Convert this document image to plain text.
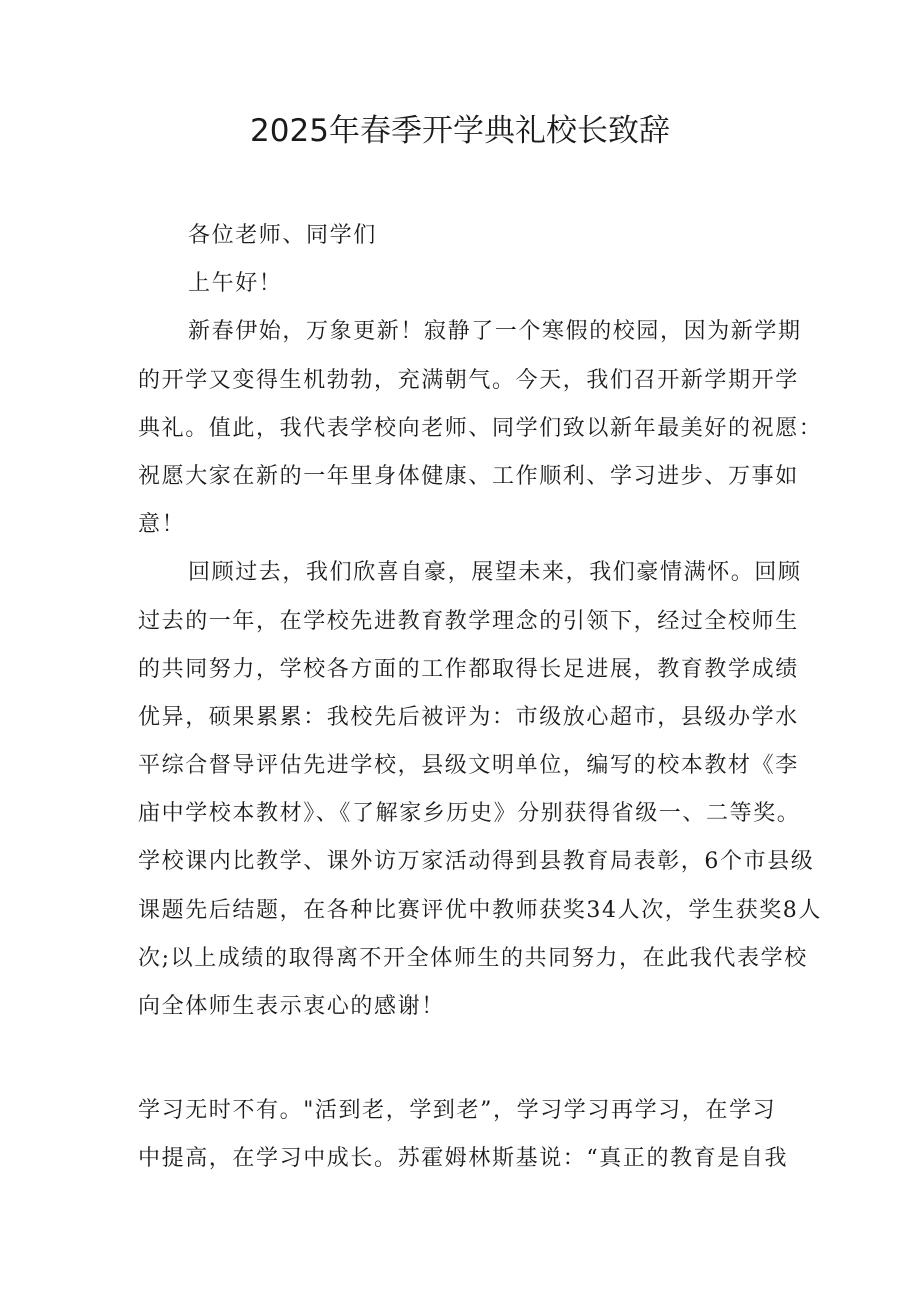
2025年春季开学典礼校长致辞
各位老师、同学们
上午好！
新春伊始，万象更新！寂静了一个寒假的校园，因为新学期
的开学又变得生机勃勃，充满朝气。今天，我们召开新学期开学
典礼。值此，我代表学校向老师、同学们致以新年最美好的祝愿：
祝愿大家在新的一年里身体健康、工作顺利、学习进步、万事如
意！
回顾过去，我们欣喜自豪，展望未来，我们豪情满怀。回顾
过去的一年，在学校先进教育教学理念的引领下，经过全校师生
的共同努力，学校各方面的工作都取得长足进展，教育教学成绩
优异，硕果累累：我校先后被评为：市级放心超市，县级办学水
平综合督导评估先进学校，县级文明单位，编写的校本教材《李
庙中学校本教材》、《了解家乡历史》分别获得省级一、二等奖。
学校课内比教学、课外访万家活动得到县教育局表彰，6个市县级
课题先后结题，在各种比赛评优中教师获奖34人次，学生获奖8人
次;以上成绩的取得离不开全体师生的共同努力，在此我代表学校
向全体师生表示衷心的感谢！
学习无时不有。"活到老，学到老”，学习学习再学习，在学习
中提高，在学习中成长。苏霍姆林斯基说：“真正的教育是自我
